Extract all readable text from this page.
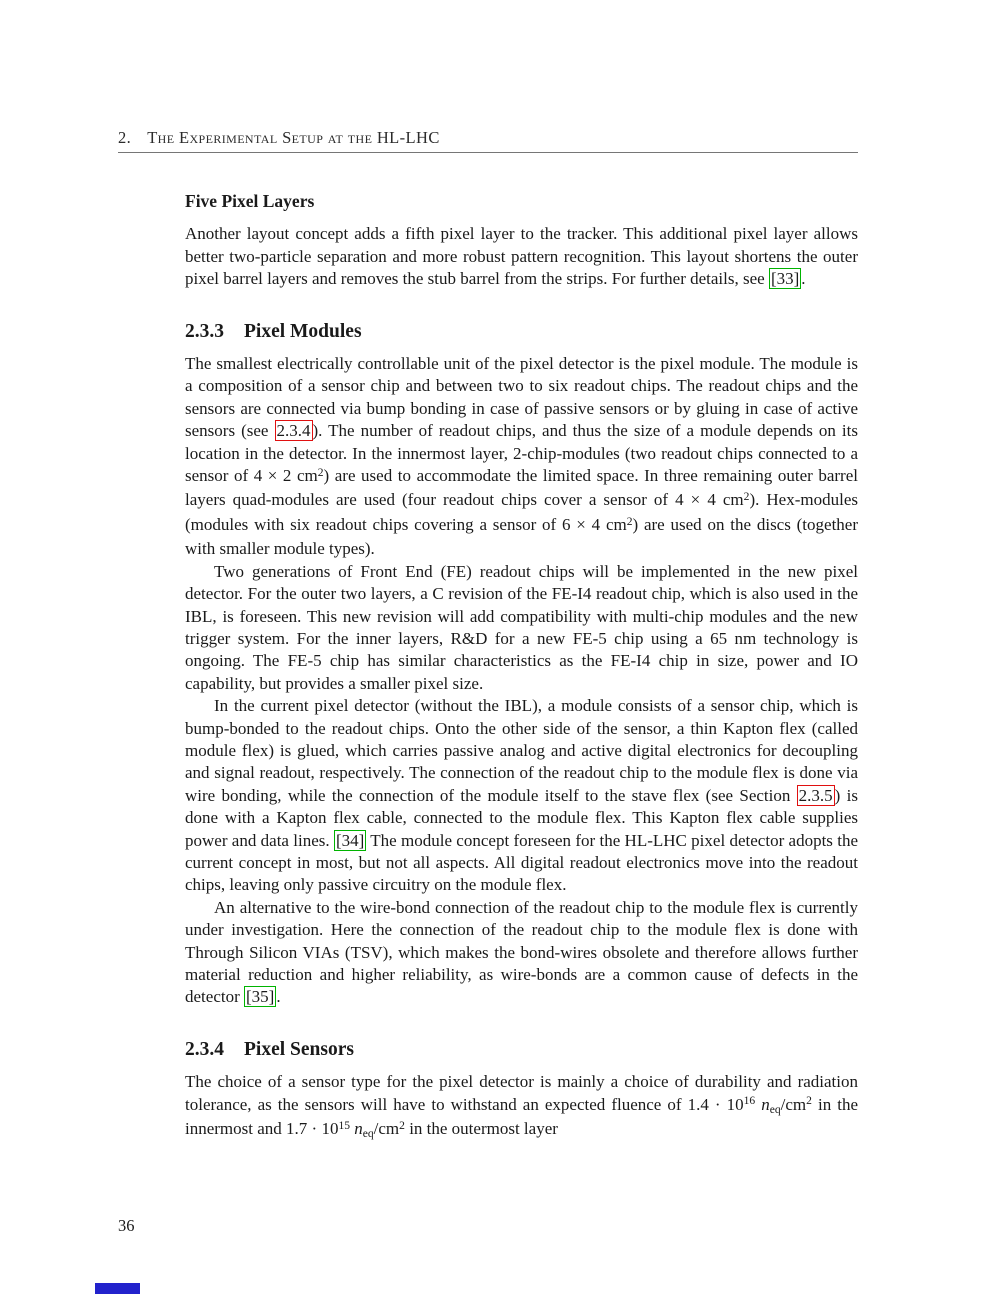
2. The Experimental Setup at the HL-LHC
Five Pixel Layers

Another layout concept adds a fifth pixel layer to the tracker. This additional pixel layer allows better two-particle separation and more robust pattern recognition. This layout shortens the outer pixel barrel layers and removes the stub barrel from the strips. For further details, see [33] .

2.3.3 Pixel Modules

The smallest electrically controllable unit of the pixel detector is the pixel module. The module is a composition of a sensor chip and between two to six readout chips. The readout chips and the sensors are connected via bump bonding in case of passive sensors or by gluing in case of active sensors (see 2.3.4 ). The number of readout chips, and thus the size of a module depends on its location in the detector. In the innermost layer, 2-chip-modules (two readout chips connected to a sensor of 4 × 2 $cm^2$) are used to accommodate the limited space. In three remaining outer barrel layers quad-modules are used (four readout chips cover a sensor of 4 × 4 $cm^2$). Hex-modules (modules with six readout chips covering a sensor of 6 × 4 $cm^2$) are used on the discs (together with smaller module types).

Two generations of Front End (FE) readout chips will be implemented in the new pixel detector. For the outer two layers, a C revision of the FE-I4 readout chip, which is also used in the IBL, is foreseen. This new revision will add compatibility with multi-chip modules and the new trigger system. For the inner layers, R&D for a new FE-5 chip using a 65 nm technology is ongoing. The FE-5 chip has similar characteristics as the FE-I4 chip in size, power and IO capability, but provides a smaller pixel size.

In the current pixel detector (without the IBL), a module consists of a sensor chip, which is bump-bonded to the readout chips. Onto the other side of the sensor, a thin Kapton flex (called module flex) is glued, which carries passive analog and active digital electronics for decoupling and signal readout, respectively. The connection of the readout chip to the module flex is done via wire bonding, while the connection of the module itself to the stave flex (see Section 2.3.5 ) is done with a Kapton flex cable, connected to the module flex. This Kapton flex cable supplies power and data lines. [34] The module concept foreseen for the HL-LHC pixel detector adopts the current concept in most, but not all aspects. All digital readout electronics move into the readout chips, leaving only passive circuitry on the module flex.

An alternative to the wire-bond connection of the readout chip to the module flex is currently under investigation. Here the connection of the readout chip to the module flex is done with Through Silicon VIAs (TSV), which makes the bond-wires obsolete and therefore allows further material reduction and higher reliability, as wire-bonds are a common cause of defects in the detector [35] .

2.3.4 Pixel Sensors

The choice of a sensor type for the pixel detector is mainly a choice of durability and radiation tolerance, as the sensors will have to withstand an expected fluence of $1.4 \cdot 10^{16}$ neq/$cm^2$ in the innermost and $1.7 \cdot 10^{15}$ neq/$cm^2$ in the outermost layer

36
